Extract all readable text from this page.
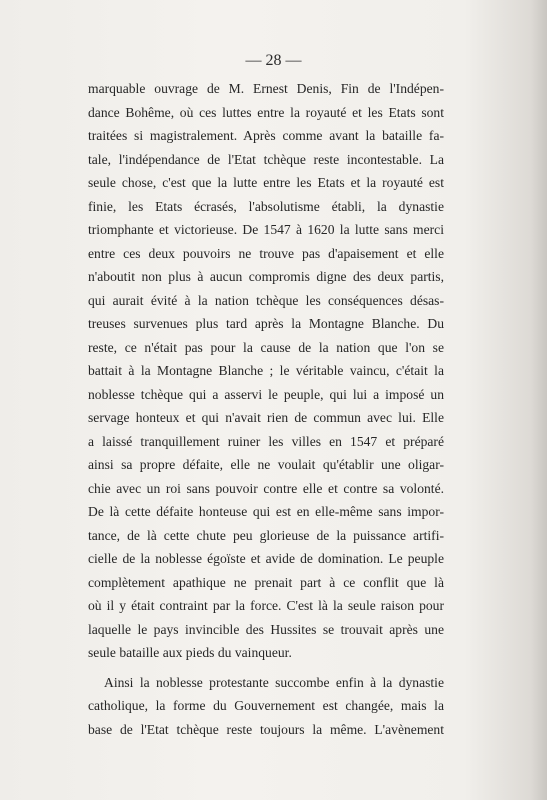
— 28 —
marquable ouvrage de M. Ernest Denis, Fin de l'Indépen-
dance Bohême, où ces luttes entre la royauté et les Etats sont
traitées si magistralement. Après comme avant la bataille fa-
tale, l'indépendance de l'Etat tchèque reste incontestable. La
seule chose, c'est que la lutte entre les Etats et la royauté est
finie, les Etats écrasés, l'absolutisme établi, la dynastie
triomphante et victorieuse. De 1547 à 1620 la lutte sans merci
entre ces deux pouvoirs ne trouve pas d'apaisement et elle
n'aboutit non plus à aucun compromis digne des deux partis,
qui aurait évité à la nation tchèque les conséquences désas-
treuses survenues plus tard après la Montagne Blanche. Du
reste, ce n'était pas pour la cause de la nation que l'on se
battait à la Montagne Blanche ; le véritable vaincu, c'était la
noblesse tchèque qui a asservi le peuple, qui lui a imposé un
servage honteux et qui n'avait rien de commun avec lui. Elle
a laissé tranquillement ruiner les villes en 1547 et préparé
ainsi sa propre défaite, elle ne voulait qu'établir une oligar-
chie avec un roi sans pouvoir contre elle et contre sa volonté.
De là cette défaite honteuse qui est en elle-même sans impor-
tance, de là cette chute peu glorieuse de la puissance artifi-
cielle de la noblesse égoïste et avide de domination. Le peuple
complètement apathique ne prenait part à ce conflit que là
où il y était contraint par la force. C'est là la seule raison pour
laquelle le pays invincible des Hussites se trouvait après une
seule bataille aux pieds du vainqueur.
Ainsi la noblesse protestante succombe enfin à la dynastie
catholique, la forme du Gouvernement est changée, mais la
base de l'Etat tchèque reste toujours la même. L'avènement
